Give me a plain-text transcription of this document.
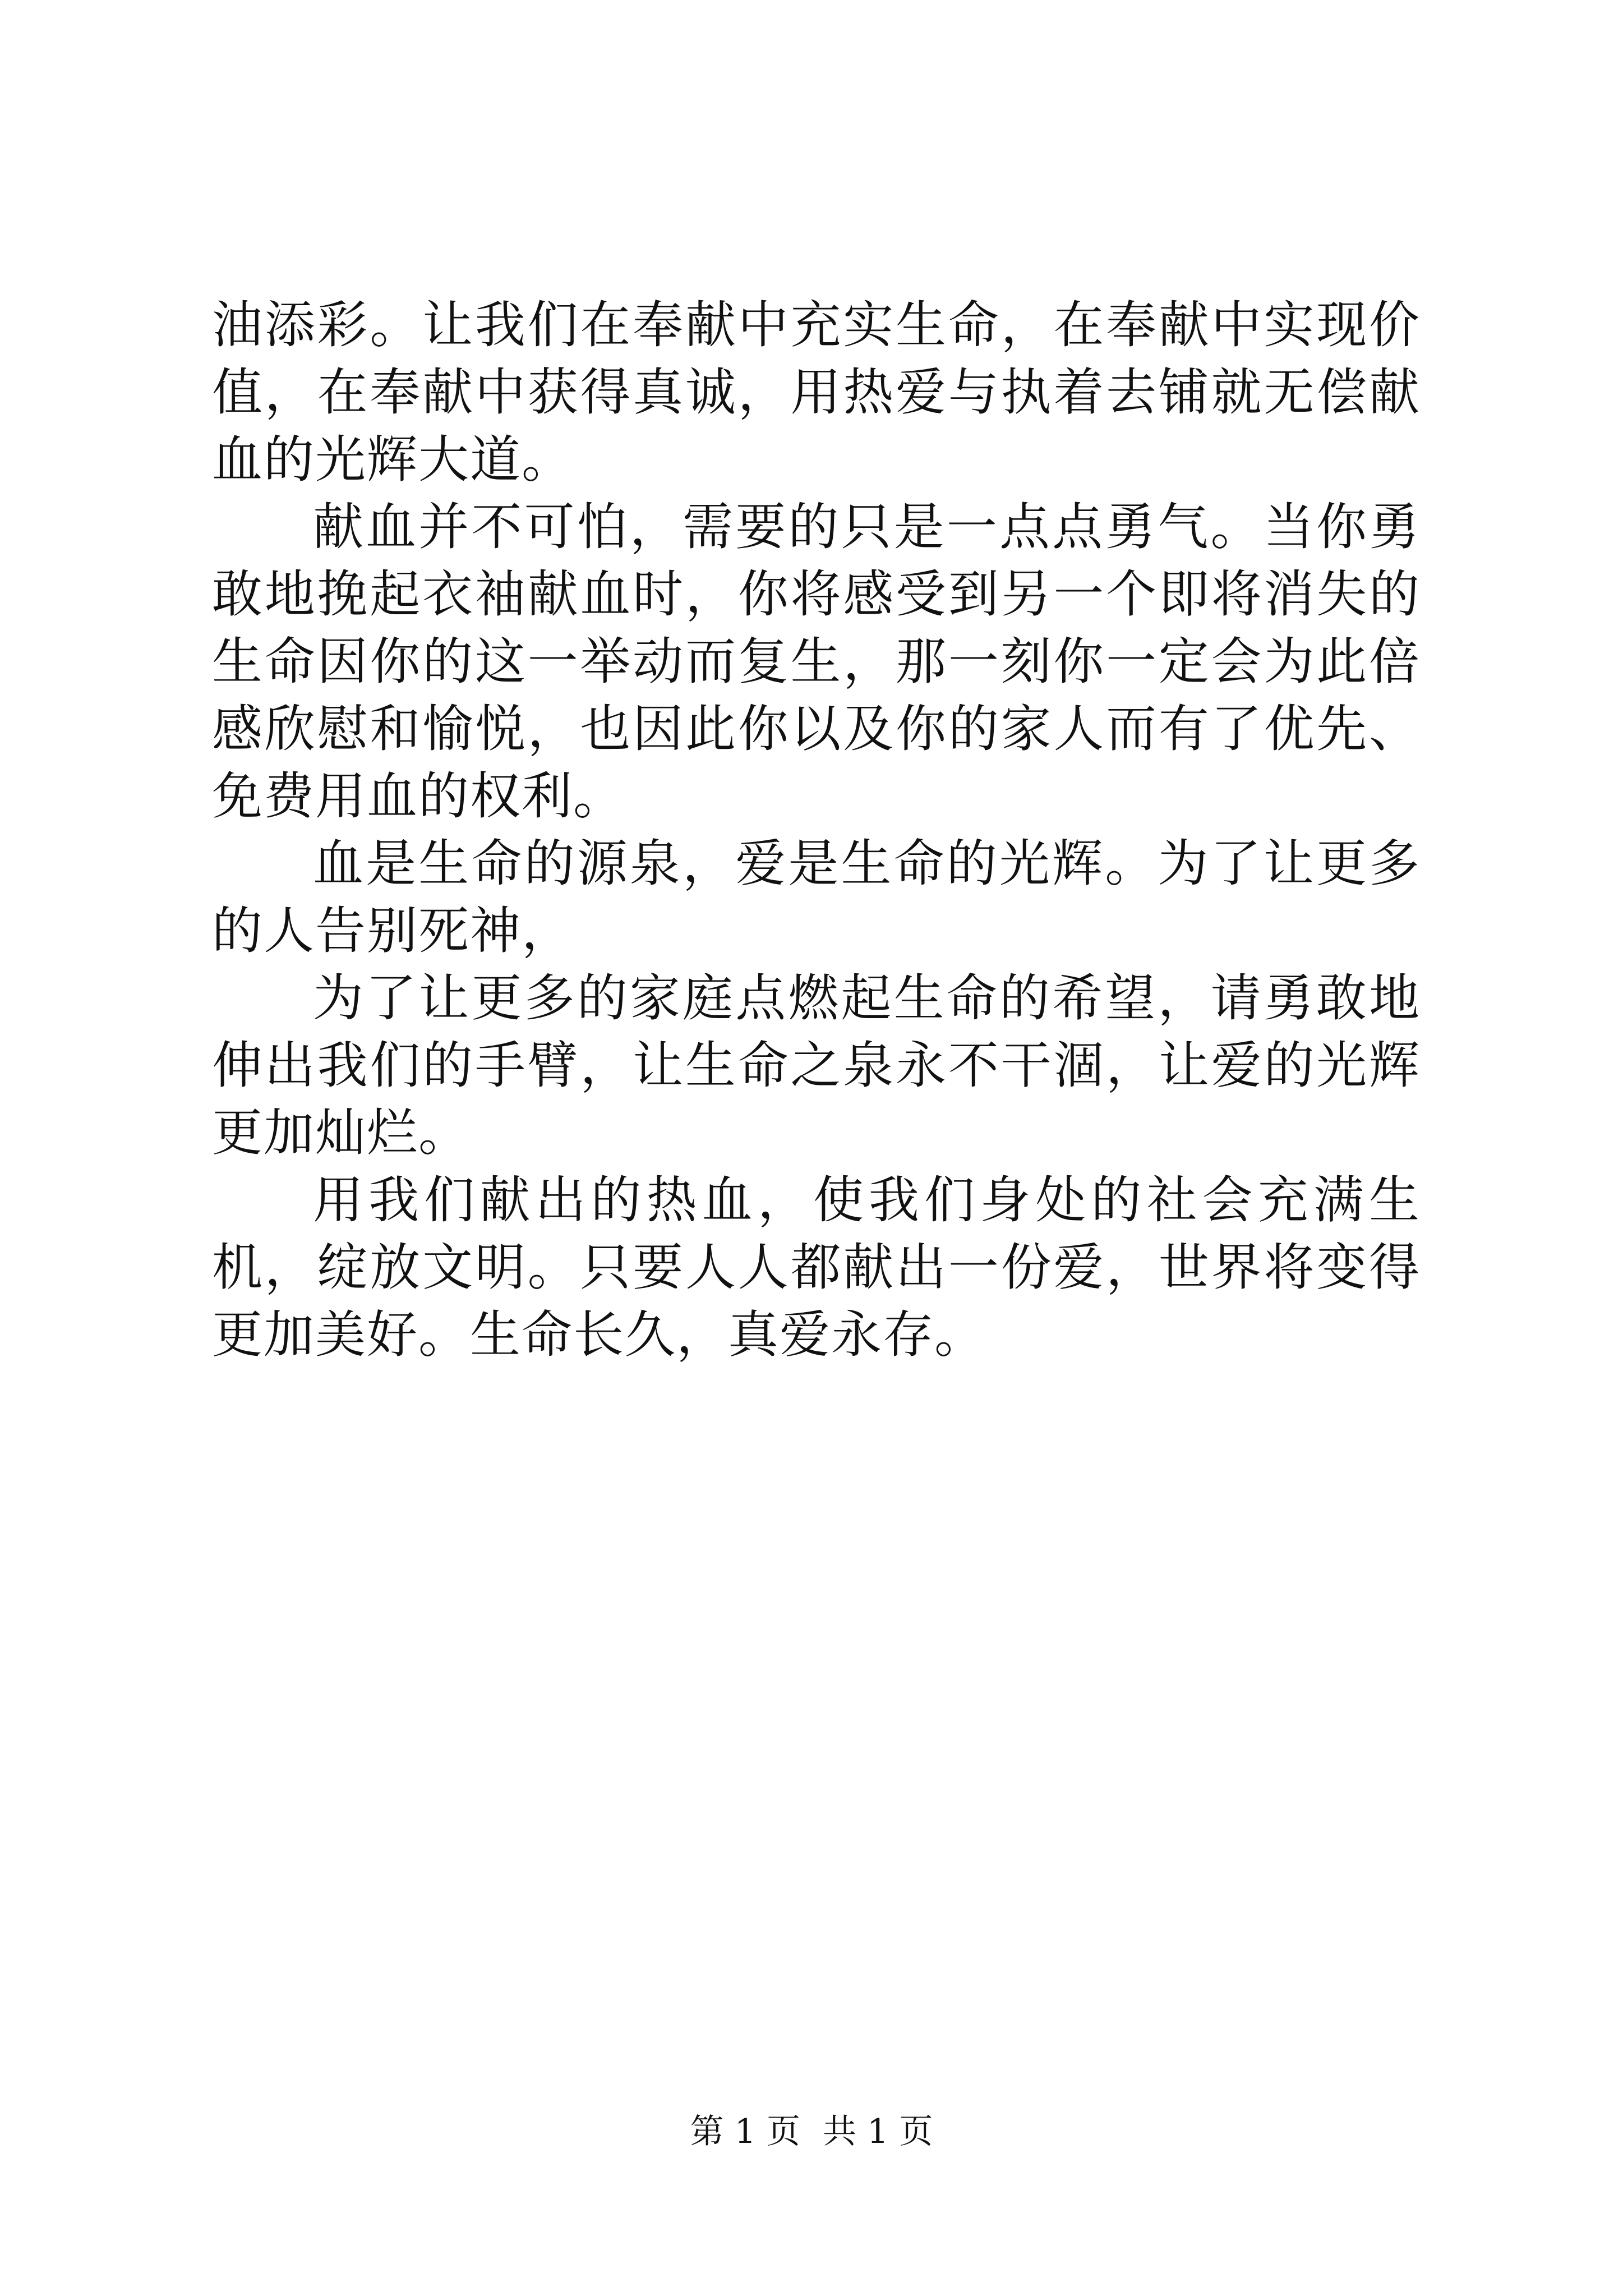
油添彩。让我们在奉献中充实生命，在奉献中实现价值，在奉献中获得真诚，用热爱与执着去铺就无偿献血的光辉大道。

献血并不可怕，需要的只是一点点勇气。当你勇敢地挽起衣袖献血时，你将感受到另一个即将消失的生命因你的这一举动而复生，那一刻你一定会为此倍感欣慰和愉悦，也因此你以及你的家人而有了优先、免费用血的权利。

血是生命的源泉，爱是生命的光辉。为了让更多的人告别死神，

为了让更多的家庭点燃起生命的希望，请勇敢地伸出我们的手臂，让生命之泉永不干涸，让爱的光辉更加灿烂。

用我们献出的热血，使我们身处的社会充满生机，绽放文明。只要人人都献出一份爱，世界将变得更加美好。生命长久，真爱永存。

第 1 页 共 1 页
